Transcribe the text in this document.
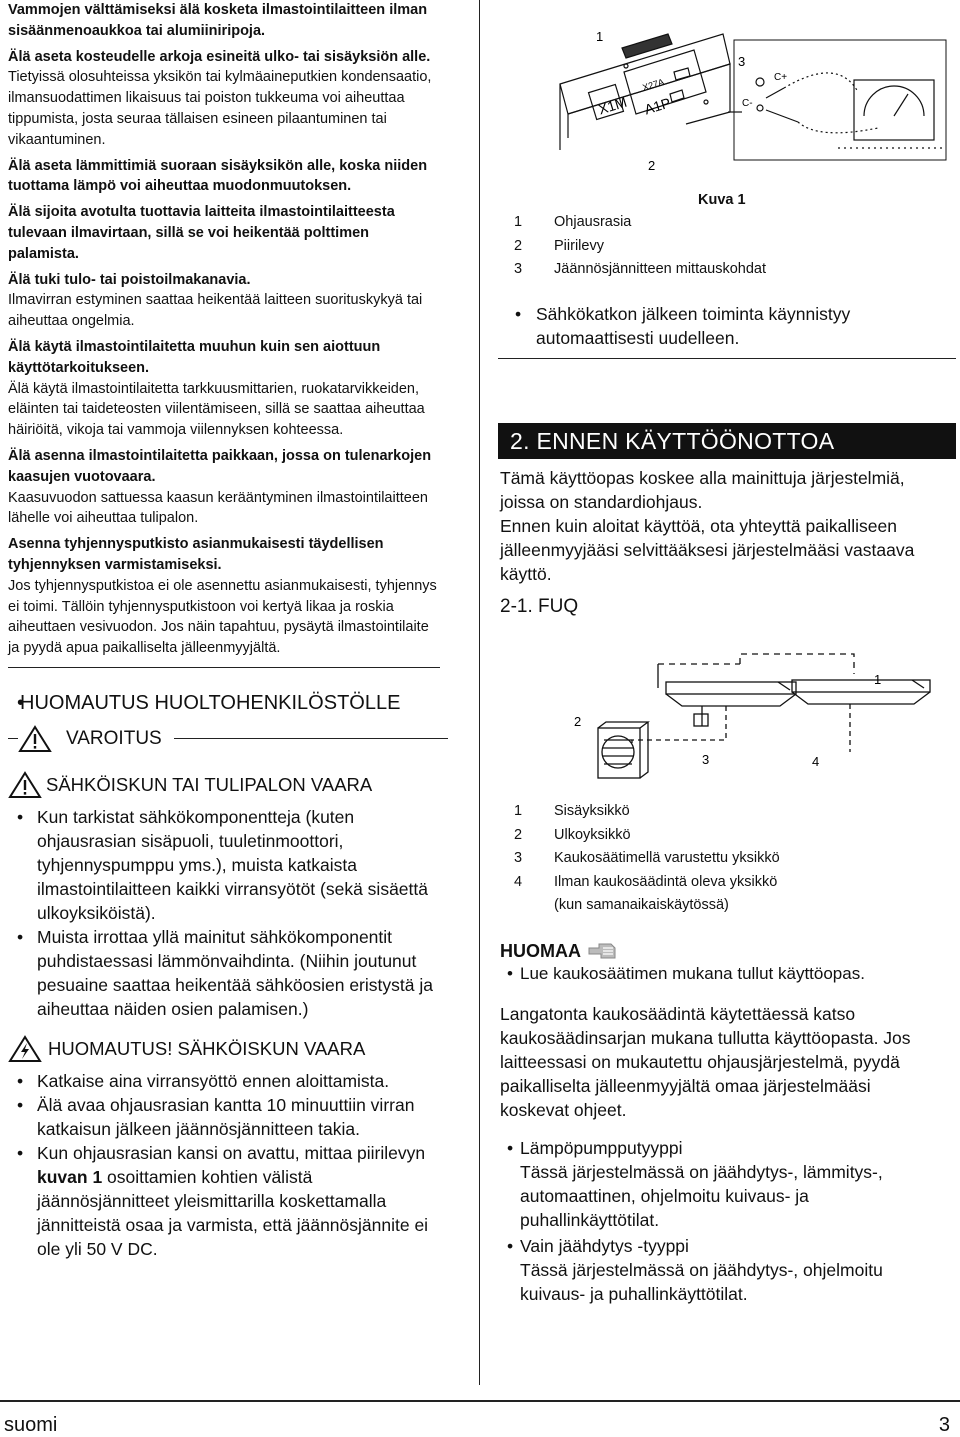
Vammojen välttämiseksi älä kosketa ilmastointilaitteen ilman sisäänmenoaukkoa tai alumiiniripoja.

Älä aseta kosteudelle arkoja esineitä ulko- tai sisäyksiön alle.

Tietyissä olosuhteissa yksikön tai kylmäaineputkien kondensaatio, ilmansuodattimen likaisuus tai poiston tukkeuma voi aiheuttaa tippumista, josta seuraa tällaisen esineen pilaantuminen tai vikaantuminen.

Älä aseta lämmittimiä suoraan sisäyksikön alle, koska niiden tuottama lämpö voi aiheuttaa muodonmuutoksen.

Älä sijoita avotulta tuottavia laitteita ilmastointilaitteesta tulevaan ilmavirtaan, sillä se voi heikentää polttimen palamista.

Älä tuki tulo- tai poistoilmakanavia.

Ilmavirran estyminen saattaa heikentää laitteen suorituskykyä tai aiheuttaa ongelmia.

Älä käytä ilmastointilaitetta muuhun kuin sen aiottuun käyttötarkoitukseen.

Älä käytä ilmastointilaitetta tarkkuusmittarien, ruokatarvikkeiden, eläinten tai taideteosten viilentämiseen, sillä se saattaa aiheuttaa häiriöitä, vikoja tai vammoja viilennyksen kohteessa.

Älä asenna ilmastointilaitetta paikkaan, jossa on tulenarkojen kaasujen vuotovaara.

Kaasuvuodon sattuessa kaasun kerääntyminen ilmastointilaitteen lähelle voi aiheuttaa tulipalon.

Asenna tyhjennysputkisto asianmukaisesti täydellisen tyhjennyksen varmistamiseksi.

Jos tyhjennysputkistoa ei ole asennettu asianmukaisesti, tyhjennys ei toimi. Tällöin tyhjennysputkistoon voi kertyä likaa ja roskia aiheuttaen vesivuodon. Jos näin tapahtuu, pysäytä ilmastointilaite ja pyydä apua paikalliselta jälleenmyyjältä.

• HUOMAUTUS HUOLTOHENKILÖSTÖLLE
VAROITUS
SÄHKÖISKUN TAI TULIPALON VAARA
• Kun tarkistat sähkökomponentteja (kuten ohjausrasian sisäpuoli, tuuletinmoottori, tyhjennyspumppu yms.), muista katkaista ilmastointilaitteen kaikki virransyötöt (sekä sisäettä ulkoyksiköistä).
• Muista irrottaa yllä mainitut sähkökomponentit puhdistaessasi lämmönvaihdinta. (Niihin joutunut pesuaine saattaa heikentää sähköosien eristystä ja aiheuttaa näiden osien palamisen.)
HUOMAUTUS! SÄHKÖISKUN VAARA
• Katkaise aina virransyöttö ennen aloittamista.
• Älä avaa ohjausrasian kantta 10 minuuttiin virran katkaisun jälkeen jäännösjännitteen takia.
• Kun ohjausrasian kansi on avattu, mittaa piirilevyn kuvan 1 osoittamien kohtien välistä jäännösjännitteet yleismittarilla koskettamalla jännitteistä osaa ja varmista, että jäännösjännite ei ole yli 50 V DC.
1
2
3
X1M A1P
X27A	C+
C-
Kuva 1
1	Ohjausrasia
2	Piirilevy
3	Jäännösjännitteen mittauskohdat
• Sähkökatkon jälkeen toiminta käynnistyy automaattisesti uudelleen.
2. ENNEN KÄYTTÖÖNOTTOA
Tämä käyttöopas koskee alla mainittuja järjestelmiä, joissa on standardiohjaus.
Ennen kuin aloitat käyttöä, ota yhteyttä paikalliseen jälleenmyyjääsi selvittääksesi järjestelmääsi vastaava käyttö.
2-1. FUQ
1
2
3	4
1	Sisäyksikkö
2	Ulkoyksikkö
3	Kaukosäätimellä varustettu yksikkö
4	Ilman kaukosäädintä oleva yksikkö
(kun samanaikaiskäytössä)
HUOMAA
• Lue kaukosäätimen mukana tullut käyttöopas.
Langatonta kaukosäädintä käytettäessä katso kaukosäädinsarjan mukana tullutta käyttöopasta. Jos laitteessasi on mukautettu ohjausjärjestelmä, pyydä paikalliselta jälleenmyyjältä omaa järjestelmääsi koskevat ohjeet.
• Lämpöpumpputyyppi
Tässä järjestelmässä on jäähdytys-, lämmitys-, automaattinen, ohjelmoitu kuivaus- ja puhallinkäyttötilat.
• Vain jäähdytys -tyyppi
Tässä järjestelmässä on jäähdytys-, ohjelmoitu kuivaus- ja puhallinkäyttötilat.
suomi	3
